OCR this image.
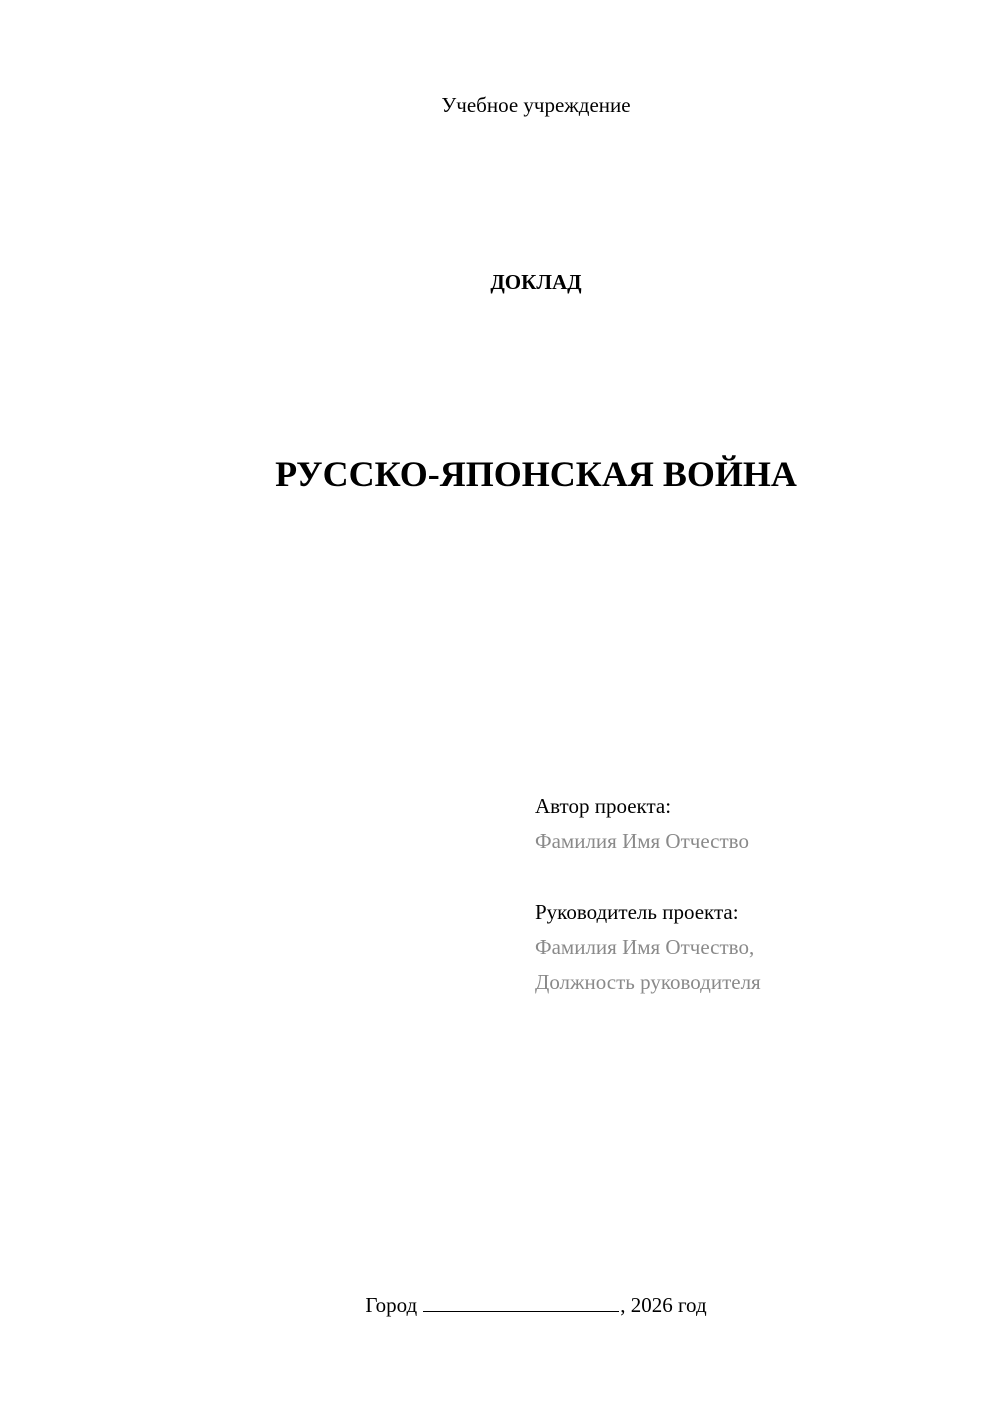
Учебное учреждение
ДОКЛАД
РУССКО-ЯПОНСКАЯ ВОЙНА
Автор проекта:
Фамилия Имя Отчество
Руководитель проекта:
Фамилия Имя Отчество,
Должность руководителя
Город	, 2026 год
